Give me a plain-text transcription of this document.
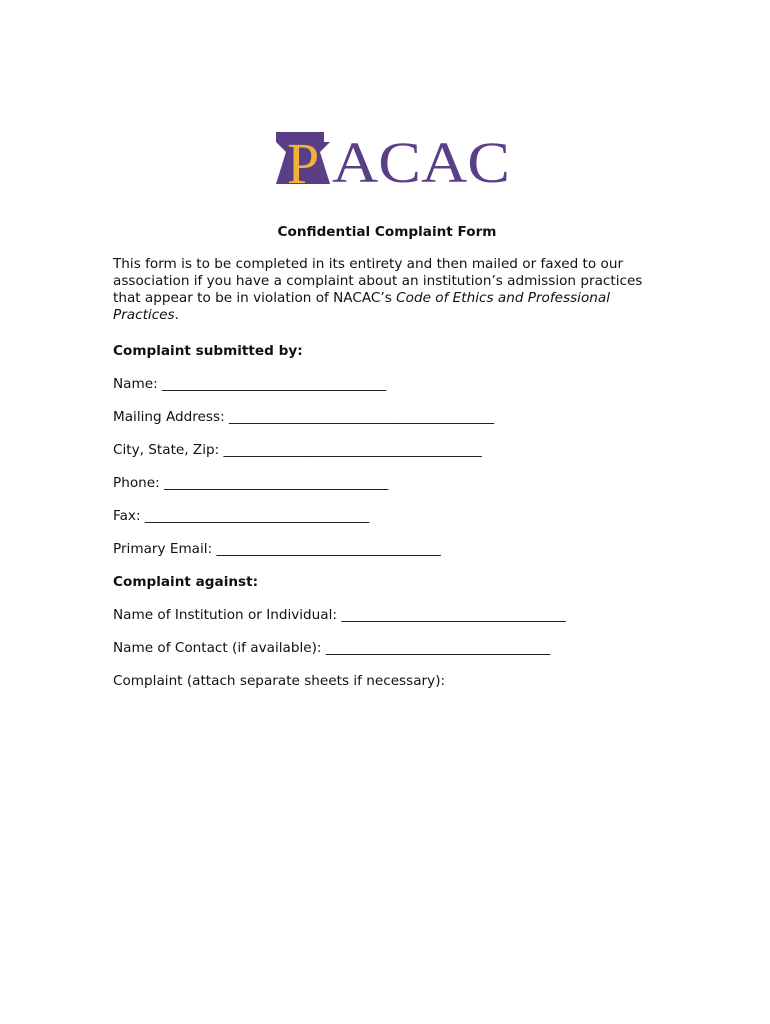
P ACAC
Confidential Complaint Form
This form is to be completed in its entirety and then mailed or faxed to our association if you have a complaint about an institution’s admission practices that appear to be in violation of NACAC’s Code of Ethics and Professional Practices.
Complaint submitted by:
Name: _________________________________
Mailing Address: _______________________________________
City, State, Zip: ______________________________________
Phone: _________________________________
Fax: _________________________________
Primary Email: _________________________________
Complaint against:
Name of Institution or Individual: _________________________________
Name of Contact (if available): _________________________________
Complaint (attach separate sheets if necessary):
